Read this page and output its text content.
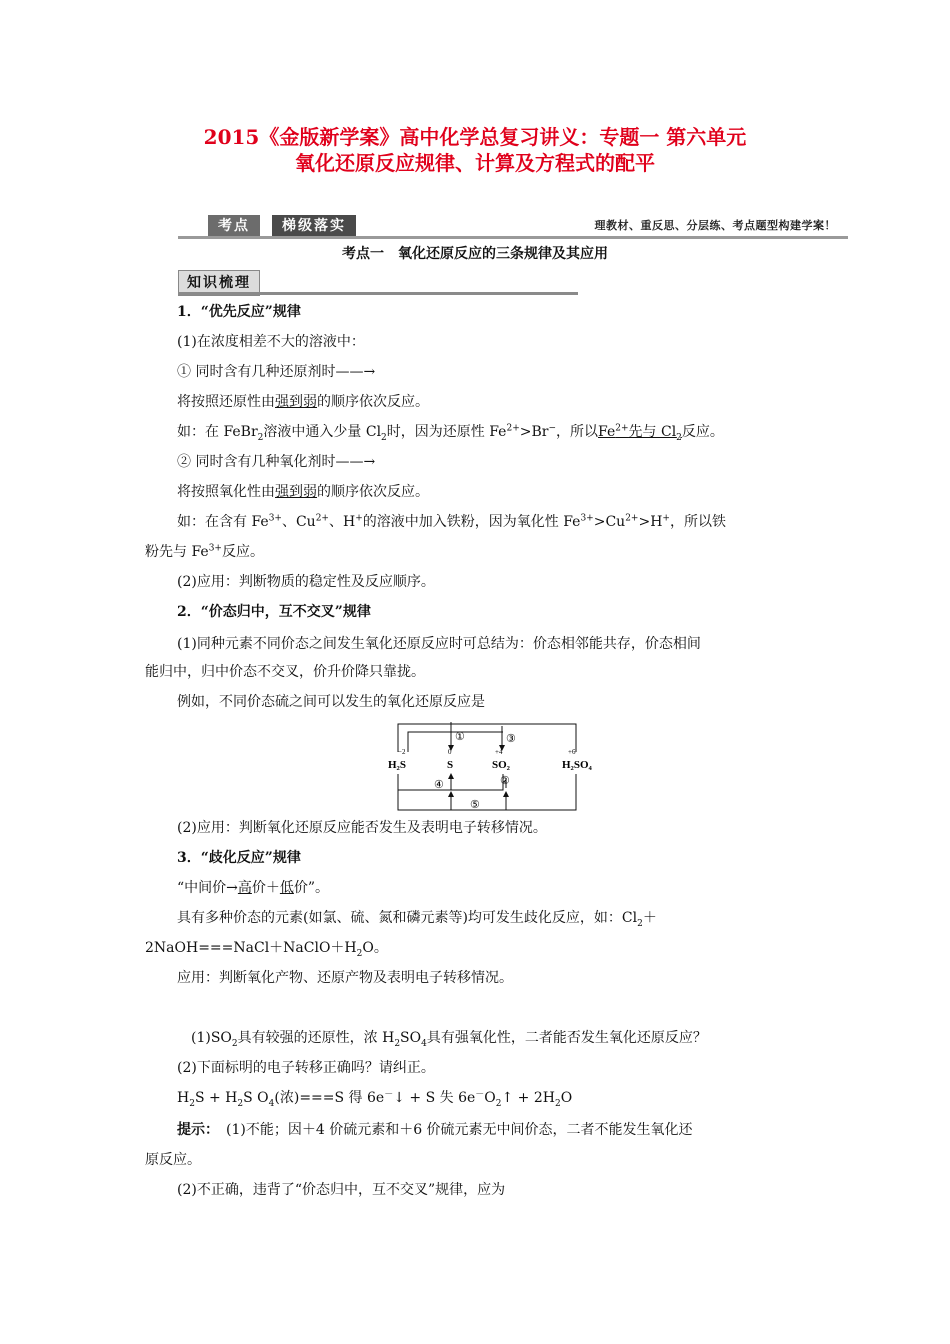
2015《金版新学案》高中化学总复习讲义：专题一 第六单元
氧化还原反应规律、计算及方程式的配平
考点	梯级落实	理教材、重反思、分层练、考点题型构建学案！
考点一　氧化还原反应的三条规律及其应用
知识梳理
1．“优先反应”规律
(1)在浓度相差不大的溶液中：
① 同时含有几种还原剂时——→
将按照还原性由强到弱的顺序依次反应。
如：在 FeBr$_2$溶液中通入少量 $Cl_2$时，因为还原性 $Fe^{2+}>Br^-$，所以$Fe^{2+}$先与 $Cl_2$反应。
② 同时含有几种氧化剂时——→
将按照氧化性由强到弱的顺序依次反应。
如：在含有 $Fe^{3+}$、$Cu^{2+}$、H+的溶液中加入铁粉，因为氧化性 $Fe^{3+}>Cu^{2+}>H^+$，所以铁
粉先与 $Fe^{3+}$反应。
(2)应用：判断物质的稳定性及反应顺序。
2．“价态归中，互不交叉”规律
(1)同种元素不同价态之间发生氧化还原反应时可总结为：价态相邻能共存，价态相间
能归中，归中价态不交叉，价升价降只靠拢。
例如，不同价态硫之间可以发生的氧化还原反应是
−2	0	+4	+6
H₂S	S	SO₂	H₂SO₄
①
②
③
④
⑤
(2)应用：判断氧化还原反应能否发生及表明电子转移情况。
3．“歧化反应”规律
“中间价→高价＋低价”。
具有多种价态的元素(如氯、硫、氮和磷元素等)均可发生歧化反应，如：$Cl_2+$
$2NaOH===NaCl+NaClO+H_2O$。
应用：判断氧化产物、还原产物及表明电子转移情况。
$(1)SO_2$具有较强的还原性，浓 $H_2SO_4$具有强氧化性，二者能否发生氧化还原反应？
(2)下面标明的电子转移正确吗？请纠正。
$H_2S + H_2S$ $O_4$(浓)===S 得 6e－↓ + S 失 $6e^-O_2↑ + 2H_2O$
提示：　(1)不能；因＋4 价硫元素和＋6 价硫元素无中间价态，二者不能发生氧化还
原反应。
(2)不正确，违背了“价态归中，互不交叉”规律，应为
